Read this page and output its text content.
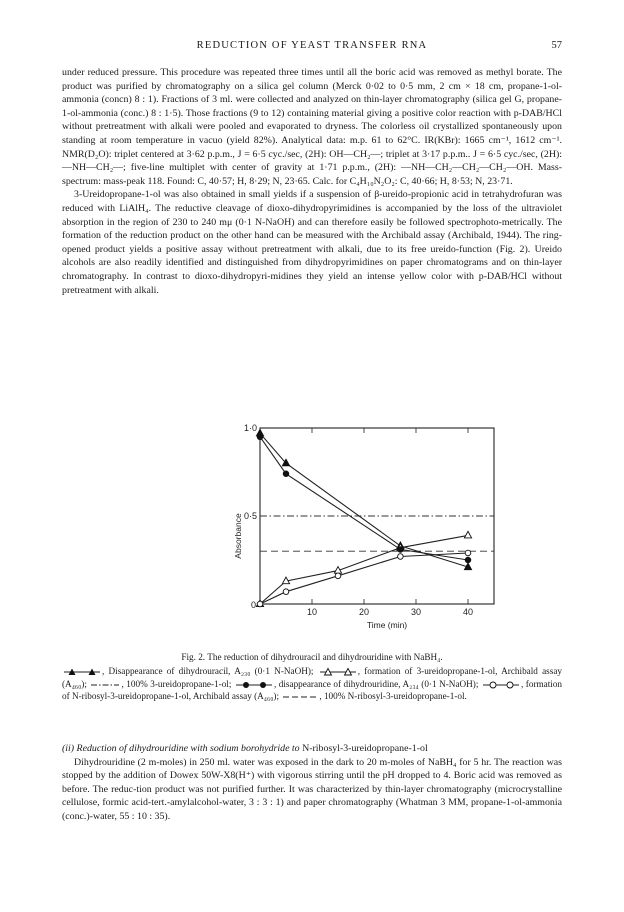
REDUCTION OF YEAST TRANSFER RNA	57

under reduced pressure. This procedure was repeated three times until all the boric acid was removed as methyl borate. The product was purified by chromatography on a silica gel column (Merck 0·02 to 0·5 mm, 2 cm × 18 cm, propane-1-ol-ammonia (concn) 8 : 1). Fractions of 3 ml. were collected and analyzed on thin-layer chromatography (silica gel G, propane-1-ol-ammonia (conc.) 8 : 1·5). Those fractions (9 to 12) containing material giving a positive color reaction with p-DAB/HCl without pretreatment with alkali were pooled and evaporated to dryness. The colorless oil crystallized spontaneously upon standing at room temperature in vacuo (yield 82%). Analytical data: m.p. 61 to 62°C. IR(KBr): 1665 cm⁻¹, 1612 cm⁻¹. NMR(D₂O): triplet centered at 3·62 p.p.m., J = 6·5 cyc./sec, (2H): OH—CH₂—; triplet at 3·17 p.p.m.. J = 6·5 cyc./sec, (2H): —NH—CH₂—; five-line multiplet with center of gravity at 1·71 p.p.m., (2H): —NH—CH₂—CH₂—CH₂—OH. Mass-spectrum: mass-peak 118. Found: C, 40·57; H, 8·29; N, 23·65. Calc. for C₄H₁₀N₂O₂: C, 40·66; H, 8·53; N, 23·71.

3-Ureidopropane-1-ol was also obtained in small yields if a suspension of β-ureido-propionic acid in tetrahydrofuran was reduced with LiAlH₄. The reductive cleavage of dioxo-dihydropyrimidines is accompanied by the loss of the ultraviolet absorption in the region of 230 to 240 mμ (0·1 N-NaOH) and can therefore easily be followed spectrophoto-metrically. The formation of the reduction product on the other hand can be measured with the Archibald assay (Archibald, 1944). The ring-opened product yields a positive assay without pretreatment with alkali, due to its free ureido-function (Fig. 2). Ureido alcohols are also readily identified and distinguished from dihydropyrimidines on paper chromatograms and on thin-layer chromatography. In contrast to dioxo-dihydropyri-midines they yield an intense yellow color with p-DAB/HCl without pretreatment with alkali.

10	20	30	40
0·5
1·0
0
Time (min)
Absorbance

Fig. 2. The reduction of dihydrouracil and dihydrouridine with NaBH₄.

, Disappearance of dihydrouracil, A₂₃₀ (0·1 N-NaOH);	, formation of 3-ureidopropane-1-ol, Archibald assay (A₄₆₀);	, 100% 3-ureidopropane-1-ol;	, disappearance of dihydrouridine, A₂₃₄ (0·1 N-NaOH);	, formation of N-ribosyl-3-ureidopropane-1-ol, Archibald assay (A₄₆₀);	, 100% N-ribosyl-3-ureidopropane-1-ol.

(ii) Reduction of dihydrouridine with sodium borohydride to N-ribosyl-3-ureidopropane-1-ol

Dihydrouridine (2 m-moles) in 250 ml. water was exposed in the dark to 20 m-moles of NaBH₄ for 5 hr. The reaction was stopped by the addition of Dowex 50W-X8(H⁺) with vigorous stirring until the pH dropped to 4. Boric acid was removed as before. The reduc-tion product was not purified further. It was characterized by thin-layer chromatography (microcrystalline cellulose, formic acid-tert.-amylalcohol-water, 3 : 3 : 1) and paper chromatography (Whatman 3 MM, propane-1-ol-ammonia (conc.)-water, 55 : 10 : 35).
